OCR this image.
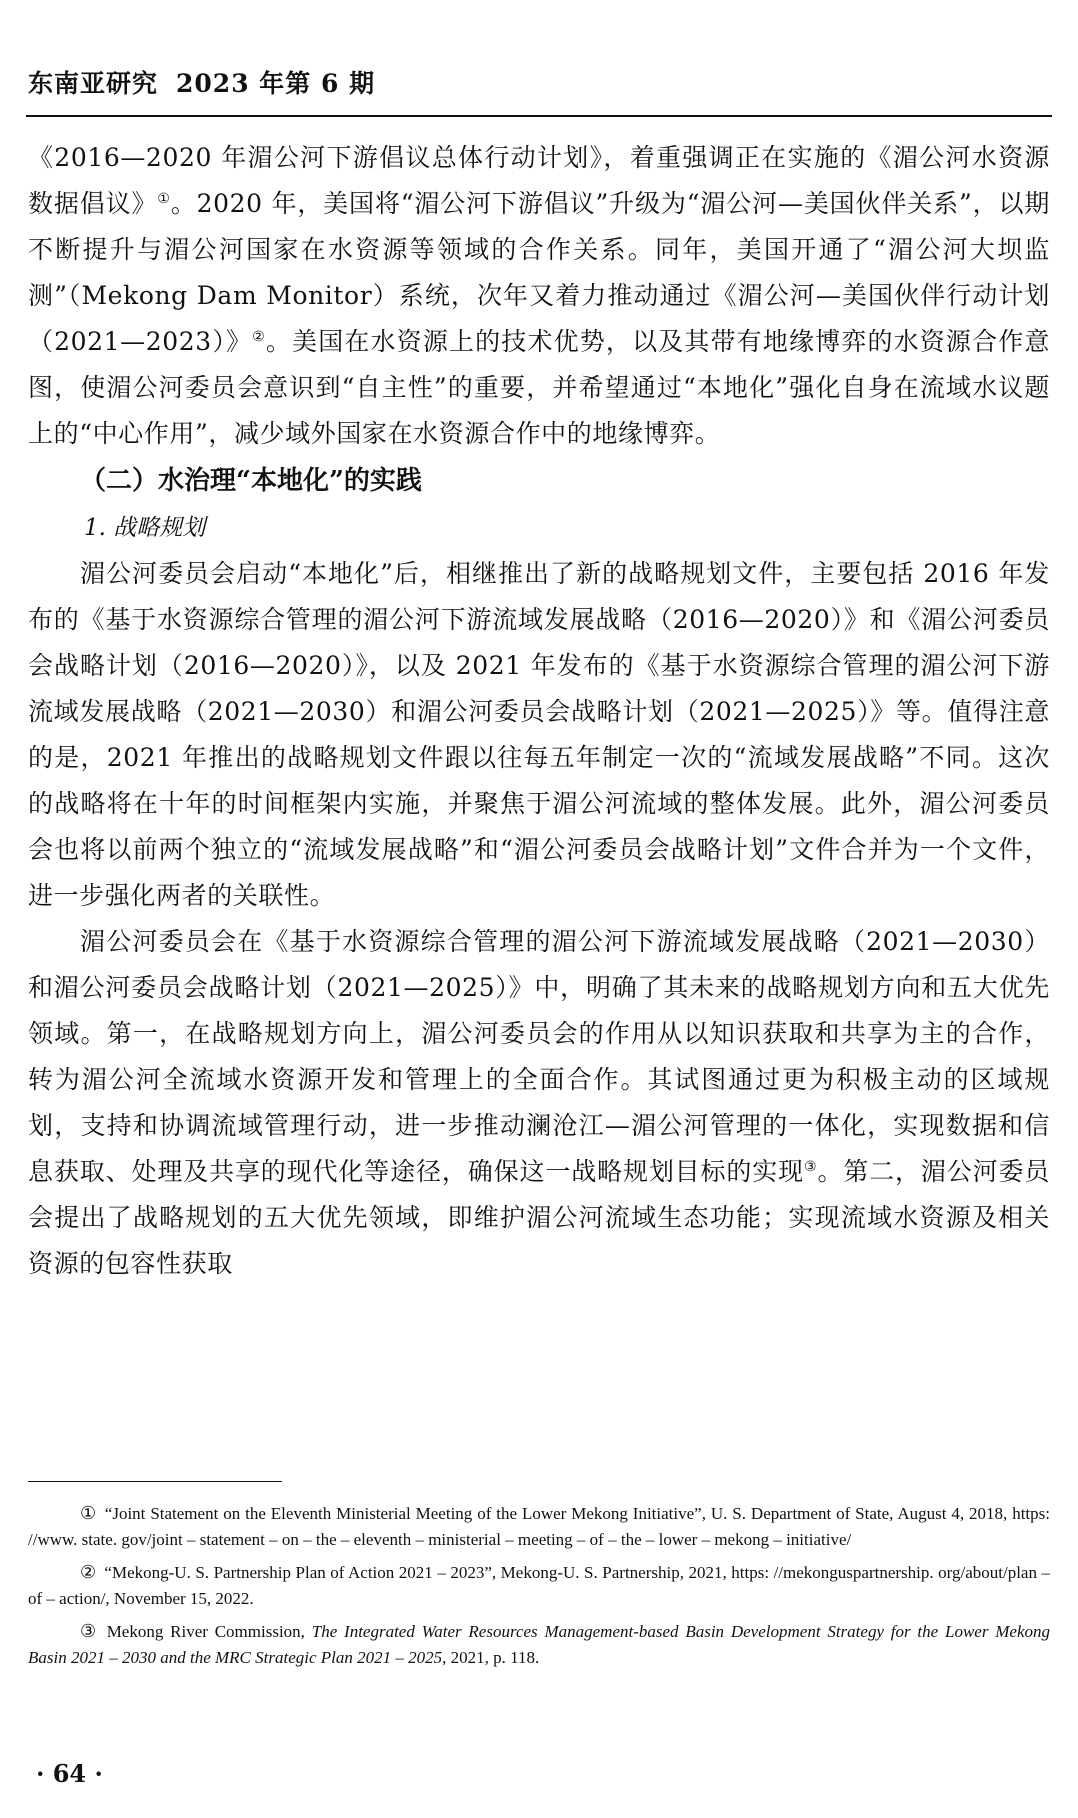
东南亚研究 2023 年第 6 期

《2016—2020 年湄公河下游倡议总体行动计划》，着重强调正在实施的《湄公河水资源数据倡议》①。2020 年，美国将“湄公河下游倡议”升级为“湄公河—美国伙伴关系”，以期不断提升与湄公河国家在水资源等领域的合作关系。同年，美国开通了“湄公河大坝监测”（Mekong Dam Monitor）系统，次年又着力推动通过《湄公河—美国伙伴行动计划（2021—2023）》②。美国在水资源上的技术优势，以及其带有地缘博弈的水资源合作意图，使湄公河委员会意识到“自主性”的重要，并希望通过“本地化”强化自身在流域水议题上的“中心作用”，减少域外国家在水资源合作中的地缘博弈。

（二）水治理“本地化”的实践

1. 战略规划

湄公河委员会启动“本地化”后，相继推出了新的战略规划文件，主要包括 2016 年发布的《基于水资源综合管理的湄公河下游流域发展战略（2016—2020）》和《湄公河委员会战略计划（2016—2020）》，以及 2021 年发布的《基于水资源综合管理的湄公河下游流域发展战略（2021—2030）和湄公河委员会战略计划（2021—2025）》等。值得注意的是，2021 年推出的战略规划文件跟以往每五年制定一次的“流域发展战略”不同。这次的战略将在十年的时间框架内实施，并聚焦于湄公河流域的整体发展。此外，湄公河委员会也将以前两个独立的“流域发展战略”和“湄公河委员会战略计划”文件合并为一个文件，进一步强化两者的关联性。

湄公河委员会在《基于水资源综合管理的湄公河下游流域发展战略（2021—2030）和湄公河委员会战略计划（2021—2025）》中，明确了其未来的战略规划方向和五大优先领域。第一，在战略规划方向上，湄公河委员会的作用从以知识获取和共享为主的合作，转为湄公河全流域水资源开发和管理上的全面合作。其试图通过更为积极主动的区域规划，支持和协调流域管理行动，进一步推动澜沧江—湄公河管理的一体化，实现数据和信息获取、处理及共享的现代化等途径，确保这一战略规划目标的实现③。第二，湄公河委员会提出了战略规划的五大优先领域，即维护湄公河流域生态功能；实现流域水资源及相关资源的包容性获取

① “Joint Statement on the Eleventh Ministerial Meeting of the Lower Mekong Initiative”, U. S. Department of State, August 4, 2018, https: //www. state. gov/joint – statement – on – the – eleventh – ministerial – meeting – of – the – lower – mekong – initiative/

② “Mekong-U. S. Partnership Plan of Action 2021 – 2023”, Mekong-U. S. Partnership, 2021, https: //mekonguspartnership. org/about/plan – of – action/, November 15, 2022.

③ Mekong River Commission, The Integrated Water Resources Management-based Basin Development Strategy for the Lower Mekong Basin 2021 – 2030 and the MRC Strategic Plan 2021 – 2025, 2021, p. 118.

· 64 ·
